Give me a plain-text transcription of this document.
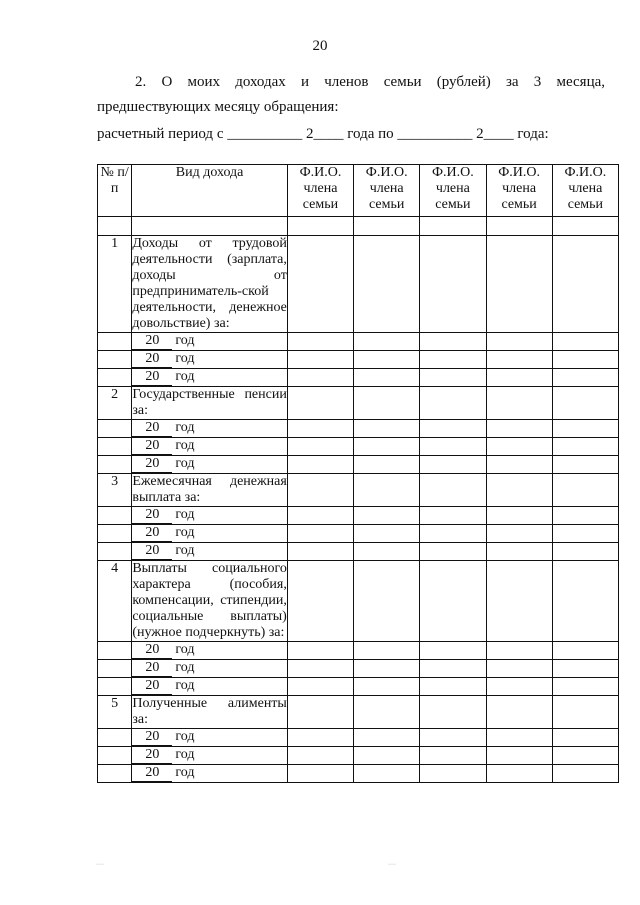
20
2. О моих доходах и членов семьи (рублей) за 3 месяца,
предшествующих месяцу обращения:
расчетный период с __________ 2____ года по __________ 2____ года:
№ п/п	Вид дохода	Ф.И.О. члена семьи	Ф.И.О. члена семьи	Ф.И.О. члена семьи	Ф.И.О. члена семьи	Ф.И.О. члена семьи

1	Доходы от трудовой деятельности (зарплата, доходы от предприниматель-ской деятельности, денежное довольствие) за:					
	20 год					
	20 год					
	20 год					
2	Государственные пенсии за:					
	20 год					
	20 год					
	20 год					
3	Ежемесячная денежная выплата за:					
	20 год					
	20 год					
	20 год					
4	Выплаты социального характера (пособия, компенсации, стипендии, социальные выплаты) (нужное подчеркнуть) за:					
	20 год					
	20 год					
	20 год					
5	Полученные алименты за:					
	20 год					
	20 год					
	20 год					
····	····
